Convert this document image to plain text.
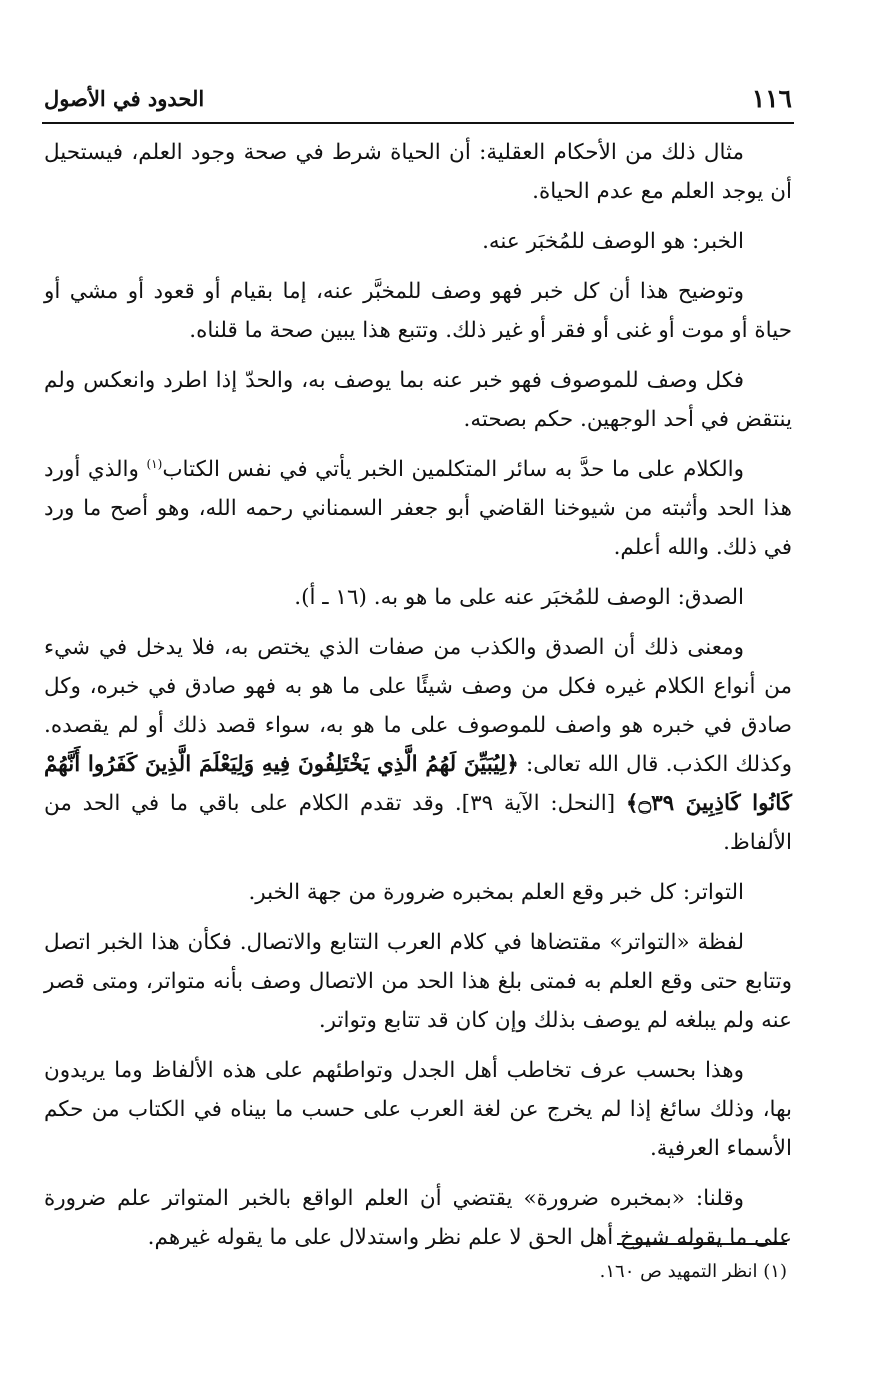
١١٦
الحدود في الأصول

مثال ذلك من الأحكام العقلية: أن الحياة شرط في صحة وجود العلم، فيستحيل أن يوجد العلم مع عدم الحياة.

الخبر: هو الوصف للمُخبَر عنه.

وتوضيح هذا أن كل خبر فهو وصف للمخبَّر عنه، إما بقيام أو قعود أو مشي أو حياة أو موت أو غنى أو فقر أو غير ذلك. وتتبع هذا يبين صحة ما قلناه.

فكل وصف للموصوف فهو خبر عنه بما يوصف به، والحدّ إذا اطرد وانعكس ولم ينتقض في أحد الوجهين. حكم بصحته.

والكلام على ما حدَّ به سائر المتكلمين الخبر يأتي في نفس الكتاب$^{(١)}$ والذي أورد هذا الحد وأثبته من شيوخنا القاضي أبو جعفر السمناني رحمه الله، وهو أصح ما ورد في ذلك. والله أعلم.

الصدق: الوصف للمُخبَر عنه على ما هو به. (١٦ ـ أ).

ومعنى ذلك أن الصدق والكذب من صفات الذي يختص به، فلا يدخل في شيء من أنواع الكلام غيره فكل من وصف شيئًا على ما هو به فهو صادق في خبره، وكل صادق في خبره هو واصف للموصوف على ما هو به، سواء قصد ذلك أو لم يقصده. وكذلك الكذب. قال الله تعالى: ﴿لِيُبَيِّنَ لَهُمُ الَّذِي يَخْتَلِفُونَ فِيهِ وَلِيَعْلَمَ الَّذِينَ كَفَرُوا أَنَّهُمْ كَانُوا كَاذِبِينَ ۝٣٩﴾ [النحل: الآية ٣٩]. وقد تقدم الكلام على باقي ما في الحد من الألفاظ.

التواتر: كل خبر وقع العلم بمخبره ضرورة من جهة الخبر.

لفظة «التواتر» مقتضاها في كلام العرب التتابع والاتصال. فكأن هذا الخبر اتصل وتتابع حتى وقع العلم به فمتى بلغ هذا الحد من الاتصال وصف بأنه متواتر، ومتى قصر عنه ولم يبلغه لم يوصف بذلك وإن كان قد تتابع وتواتر.

وهذا بحسب عرف تخاطب أهل الجدل وتواطئهم على هذه الألفاظ وما يريدون بها، وذلك سائغ إذا لم يخرج عن لغة العرب على حسب ما بيناه في الكتاب من حكم الأسماء العرفية.

وقلنا: «بمخبره ضرورة» يقتضي أن العلم الواقع بالخبر المتواتر علم ضرورة على ما يقوله شيوخ أهل الحق لا علم نظر واستدلال على ما يقوله غيرهم.

(١) انظر التمهيد ص ١٦٠.
